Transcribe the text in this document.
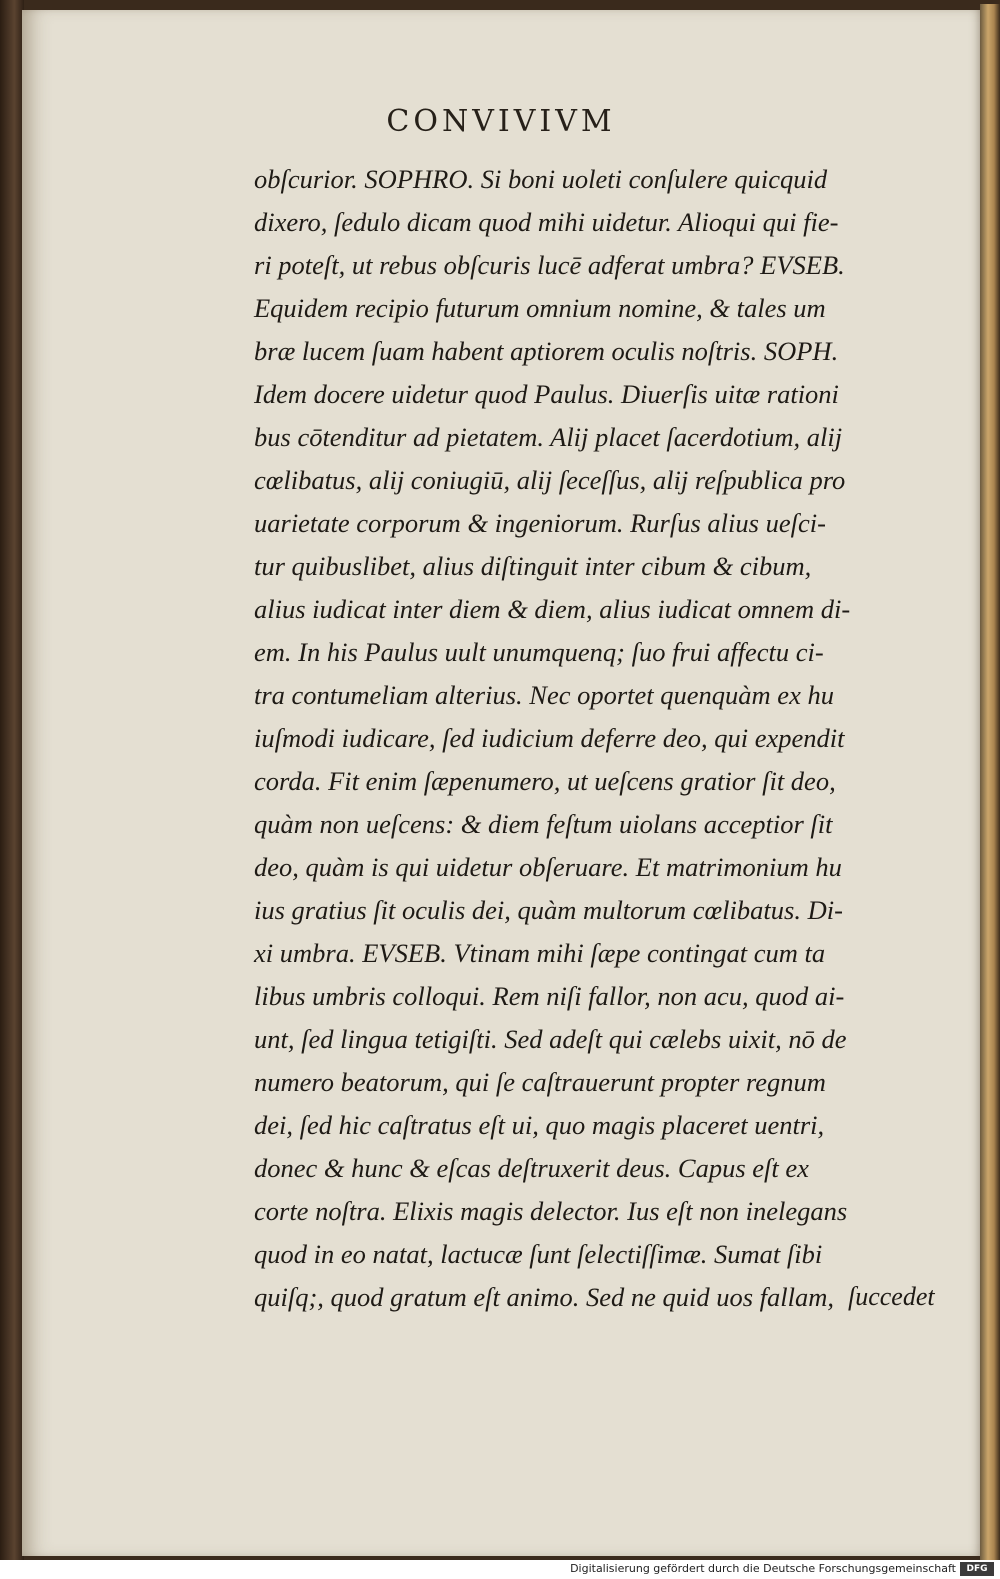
CONVIVIVM
obſcurior. SOPHRO. Si boni uoleti conſulere quicquid
dixero, ſedulo dicam quod mihi uidetur. Alioqui qui fie-
ri poteſt, ut rebus obſcuris lucē adferat umbra? EVSEB.
Equidem recipio futurum omnium nomine, & tales um
bræ lucem ſuam habent aptiorem oculis noſtris. SOPH.
Idem docere uidetur quod Paulus. Diuerſis uitæ rationi
bus cōtenditur ad pietatem. Alij placet ſacerdotium, alij
cœlibatus, alij coniugiū, alij ſeceſſus, alij reſpublica pro
uarietate corporum & ingeniorum. Rurſus alius ueſci-
tur quibuslibet, alius diſtinguit inter cibum & cibum,
alius iudicat inter diem & diem, alius iudicat omnem di-
em. In his Paulus uult unumquenq; ſuo frui affectu ci-
tra contumeliam alterius. Nec oportet quenquàm ex hu
iuſmodi iudicare, ſed iudicium deferre deo, qui expendit
corda. Fit enim ſæpenumero, ut ueſcens gratior ſit deo,
quàm non ueſcens: & diem feſtum uiolans acceptior ſit
deo, quàm is qui uidetur obſeruare. Et matrimonium hu
ius gratius ſit oculis dei, quàm multorum cœlibatus. Di-
xi umbra. EVSEB. Vtinam mihi ſæpe contingat cum ta
libus umbris colloqui. Rem niſi fallor, non acu, quod ai-
unt, ſed lingua tetigiſti. Sed adeſt qui cælebs uixit, nō de
numero beatorum, qui ſe caſtrauerunt propter regnum
dei, ſed hic caſtratus eſt ui, quo magis placeret uentri,
donec & hunc & eſcas deſtruxerit deus. Capus eſt ex
corte noſtra. Elixis magis delector. Ius eſt non inelegans
quod in eo natat, lactucæ ſunt ſelectiſſimæ. Sumat ſibi
quiſq;, quod gratum eſt animo. Sed ne quid uos fallam, ſuccedet
Digitalisierung gefördert durch die Deutsche Forschungsgemeinschaft	DFG
